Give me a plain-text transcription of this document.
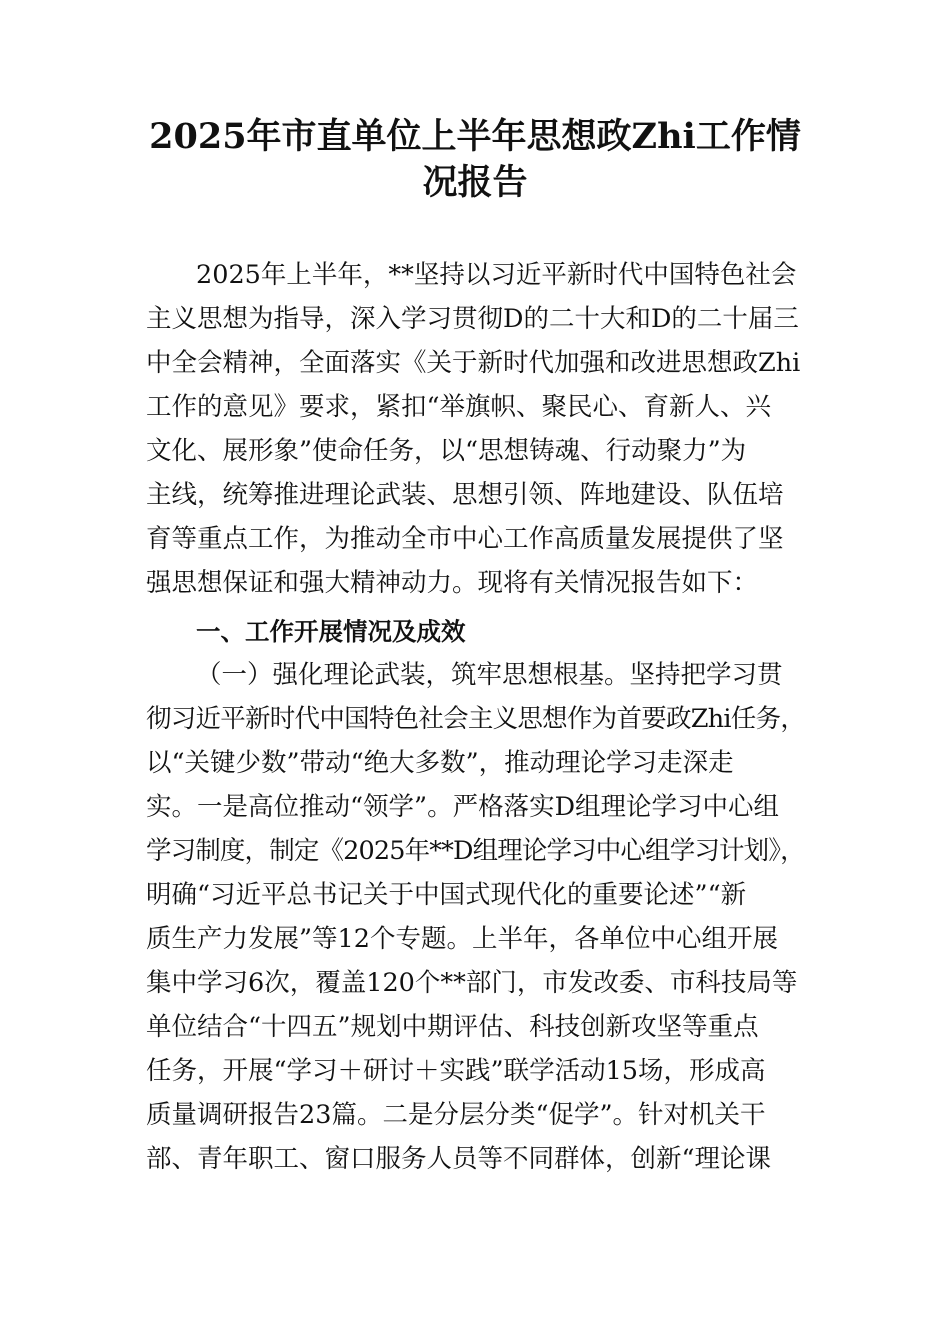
2025年市直单位上半年思想政Zhi工作情
况报告

2025年上半年，**坚持以习近平新时代中国特色社会

主义思想为指导，深入学习贯彻D的二十大和D的二十届三

中全会精神，全面落实《关于新时代加强和改进思想政Zhi

工作的意见》要求，紧扣“举旗帜、聚民心、育新人、兴

文化、展形象”使命任务，以“思想铸魂、行动聚力”为

主线，统筹推进理论武装、思想引领、阵地建设、队伍培

育等重点工作，为推动全市中心工作高质量发展提供了坚

强思想保证和强大精神动力。现将有关情况报告如下：

一、工作开展情况及成效

（一）强化理论武装，筑牢思想根基。坚持把学习贯

彻习近平新时代中国特色社会主义思想作为首要政Zhi任务，

以“关键少数”带动“绝大多数”，推动理论学习走深走

实。一是高位推动“领学”。严格落实D组理论学习中心组

学习制度，制定《2025年**D组理论学习中心组学习计划》，

明确“习近平总书记关于中国式现代化的重要论述”“新

质生产力发展”等12个专题。上半年，各单位中心组开展

集中学习6次，覆盖120个**部门，市发改委、市科技局等

单位结合“十四五”规划中期评估、科技创新攻坚等重点

任务，开展“学习＋研讨＋实践”联学活动15场，形成高

质量调研报告23篇。二是分层分类“促学”。针对机关干

部、青年职工、窗口服务人员等不同群体，创新“理论课
